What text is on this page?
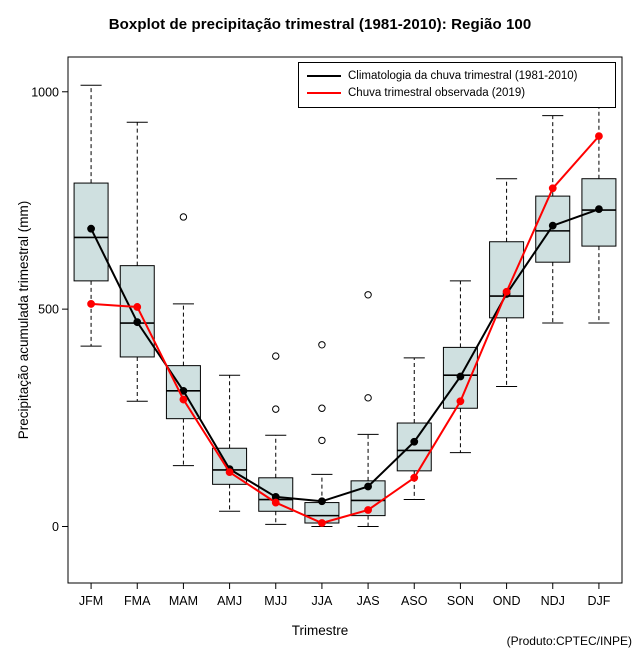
Boxplot de precipitação trimestral (1981-2010): Região 100
0
500
1000
JFM FMA MAM AMJ MJJ JJA JAS ASO SON OND NDJ DJF
Climatologia da chuva trimestral (1981-2010)
Chuva trimestral observada (2019)
Trimestre
Precipitação acumulada trimestral (mm)
(Produto:CPTEC/INPE)
